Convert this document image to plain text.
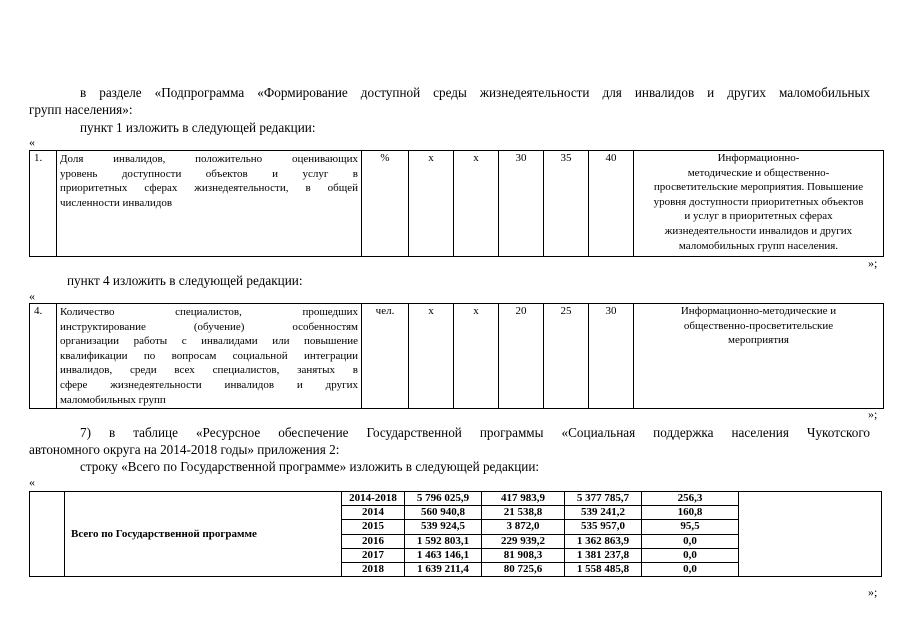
в разделе «Подпрограмма «Формирование доступной среды жизнедеятельности для инвалидов и других маломобильных
групп населения»:
пункт 1 изложить в следующей редакции:
«
1.	Доля инвалидов, положительно оценивающих
уровень доступности объектов и услуг в
приоритетных сферах жизнедеятельности, в общей
численности инвалидов
	%	х	х	30	35	40	Информационно-
методические и общественно-
просветительские мероприятия. Повышение
уровня доступности приоритетных объектов
и услуг в приоритетных сферах
жизнедеятельности инвалидов и других
маломобильных групп населения.
»;
пункт 4 изложить в следующей редакции:
«
4.	Количество специалистов, прошедших
инструктирование (обучение) особенностям
организации работы с инвалидами или повышение
квалификации по вопросам социальной интеграции
инвалидов, среди всех специалистов, занятых в
сфере жизнедеятельности инвалидов и других
маломобильных групп
	чел.	х	х	20	25	30	Информационно-методические и
общественно-просветительские
мероприятия
»;
7) в таблице «Ресурсное обеспечение Государственной программы «Социальная поддержка населения Чукотского
автономного округа на 2014-2018 годы» приложения 2:
строку «Всего по Государственной программе» изложить в следующей редакции:
«
	Всего по Государственной программе	2014-2018	5 796 025,9	417 983,9	5 377 785,7	256,3	
		2014	560 940,8	21 538,8	539 241,2	160,8	
		2015	539 924,5	3 872,0	535 957,0	95,5	
		2016	1 592 803,1	229 939,2	1 362 863,9	0,0	
		2017	1 463 146,1	81 908,3	1 381 237,8	0,0	
		2018	1 639 211,4	80 725,6	1 558 485,8	0,0	
»;
